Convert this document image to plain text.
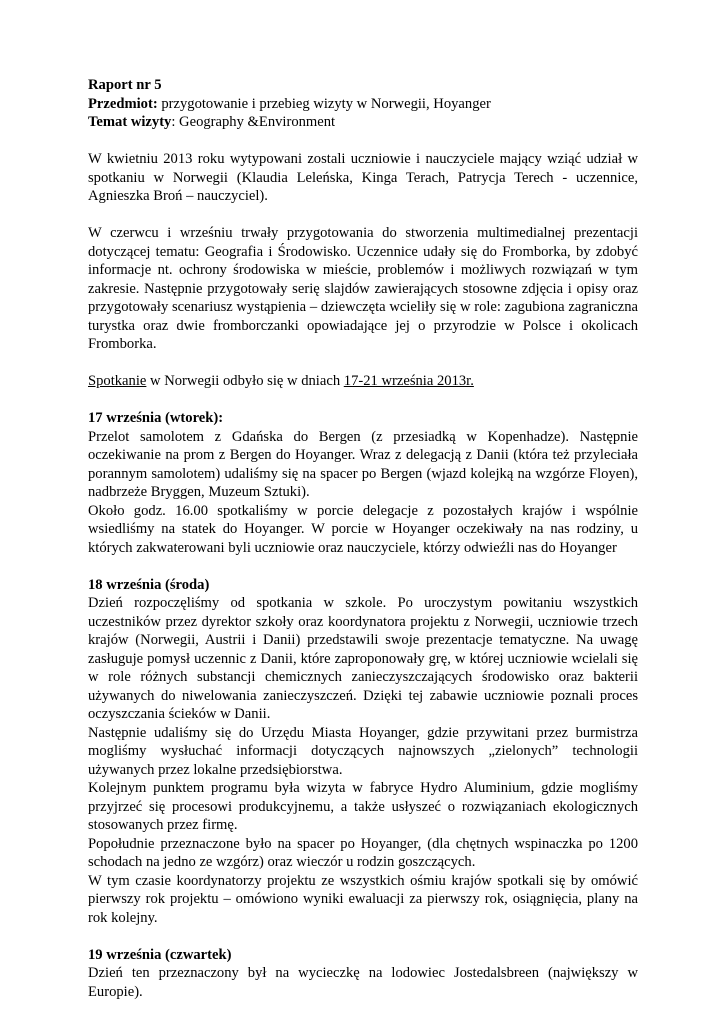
Raport nr 5
Przedmiot: przygotowanie i przebieg wizyty w Norwegii, Hoyanger
Temat wizyty: Geography &Environment

W kwietniu 2013 roku wytypowani zostali uczniowie i nauczyciele mający wziąć udział w spotkaniu w Norwegii (Klaudia Leleńska, Kinga Terach, Patrycja Terech - uczennice, Agnieszka Broń – nauczyciel).

W czerwcu i wrześniu trwały przygotowania do stworzenia multimedialnej prezentacji dotyczącej tematu: Geografia i Środowisko. Uczennice udały się do Fromborka, by zdobyć informacje nt. ochrony środowiska w mieście, problemów i możliwych rozwiązań w tym zakresie. Następnie przygotowały serię slajdów zawierających stosowne zdjęcia i opisy oraz przygotowały scenariusz wystąpienia – dziewczęta wcieliły się w role: zagubiona zagraniczna turystka oraz dwie fromborczanki opowiadające jej o przyrodzie w Polsce i okolicach Fromborka.

Spotkanie w Norwegii odbyło się w dniach 17-21 września 2013r.

17 września (wtorek):

Przelot samolotem z Gdańska do Bergen (z przesiadką w Kopenhadze). Następnie oczekiwanie na prom z Bergen do Hoyanger. Wraz z delegacją z Danii (która też przyleciała porannym samolotem) udaliśmy się na spacer po Bergen (wjazd kolejką na wzgórze Floyen), nadbrzeże Bryggen, Muzeum Sztuki).

Około godz. 16.00 spotkaliśmy w porcie delegacje z pozostałych krajów i wspólnie wsiedliśmy na statek do Hoyanger. W porcie w Hoyanger oczekiwały na nas rodziny, u których zakwaterowani byli uczniowie oraz nauczyciele, którzy odwieźli nas do Hoyanger

18 września (środa)

Dzień rozpoczęliśmy od spotkania w szkole. Po uroczystym powitaniu wszystkich uczestników przez dyrektor szkoły oraz koordynatora projektu z Norwegii, uczniowie trzech krajów (Norwegii, Austrii i Danii) przedstawili swoje prezentacje tematyczne. Na uwagę zasługuje pomysł uczennic z Danii, które zaproponowały grę, w której uczniowie wcielali się w role różnych substancji chemicznych zanieczyszczających środowisko oraz bakterii używanych do niwelowania zanieczyszczeń. Dzięki tej zabawie uczniowie poznali proces oczyszczania ścieków w Danii.

Następnie udaliśmy się do Urzędu Miasta Hoyanger, gdzie przywitani przez burmistrza mogliśmy wysłuchać informacji dotyczących najnowszych „zielonych” technologii używanych przez lokalne przedsiębiorstwa.

Kolejnym punktem programu była wizyta w fabryce Hydro Aluminium, gdzie mogliśmy przyjrzeć się procesowi produkcyjnemu, a także usłyszeć o rozwiązaniach ekologicznych stosowanych przez firmę.

Popołudnie przeznaczone było na spacer po Hoyanger, (dla chętnych wspinaczka po 1200 schodach na jedno ze wzgórz) oraz wieczór u rodzin goszczących.

W tym czasie koordynatorzy projektu ze wszystkich ośmiu krajów spotkali się by omówić pierwszy rok projektu – omówiono wyniki ewaluacji za pierwszy rok, osiągnięcia, plany na rok kolejny.

19 września (czwartek)

Dzień ten przeznaczony był na wycieczkę na lodowiec Jostedalsbreen (największy w Europie).
